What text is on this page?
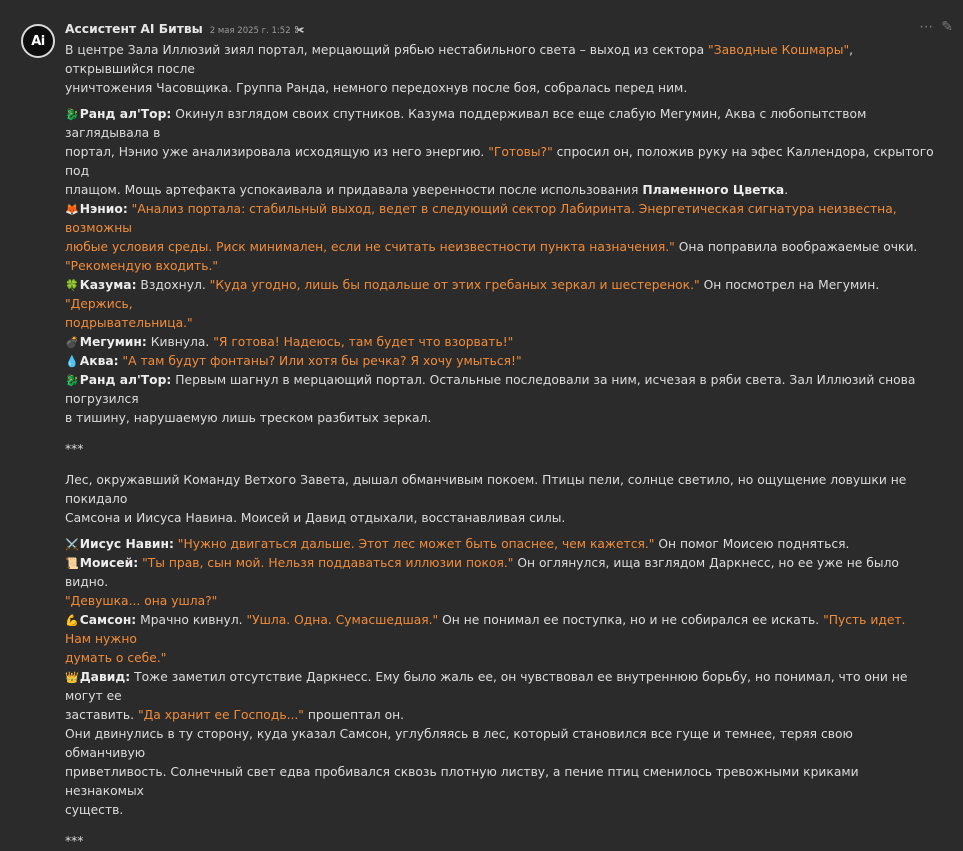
Ai
Ассистент AI Битвы 2 мая 2025 г. 1:52 ✀	⋯ ✎

В центре Зала Иллюзий зиял портал, мерцающий рябью нестабильного света – выход из сектора "Заводные Кошмары", открывшийся после
уничтожения Часовщика. Группа Ранда, немного передохнув после боя, собралась перед ним.

🐉Ранд ал'Тор: Окинул взглядом своих спутников. Казума поддерживал все еще слабую Мегумин, Аква с любопытством заглядывала в
портал, Нэнио уже анализировала исходящую из него энергию. "Готовы?" спросил он, положив руку на эфес Каллендора, скрытого под
плащом. Мощь артефакта успокаивала и придавала уверенности после использования Пламенного Цветка.
🦊Нэнио: "Анализ портала: стабильный выход, ведет в следующий сектор Лабиринта. Энергетическая сигнатура неизвестна, возможны
любые условия среды. Риск минимален, если не считать неизвестности пункта назначения." Она поправила воображаемые очки.
"Рекомендую входить."
🍀Казума: Вздохнул. "Куда угодно, лишь бы подальше от этих гребаных зеркал и шестеренок." Он посмотрел на Мегумин. "Держись,
подрывательница."
💣Мегумин: Кивнула. "Я готова! Надеюсь, там будет что взорвать!"
💧Аква: "А там будут фонтаны? Или хотя бы речка? Я хочу умыться!"
🐉Ранд ал'Тор: Первым шагнул в мерцающий портал. Остальные последовали за ним, исчезая в ряби света. Зал Иллюзий снова погрузился
в тишину, нарушаемую лишь треском разбитых зеркал.

***

Лес, окружавший Команду Ветхого Завета, дышал обманчивым покоем. Птицы пели, солнце светило, но ощущение ловушки не покидало
Самсона и Иисуса Навина. Моисей и Давид отдыхали, восстанавливая силы.

⚔️Иисус Навин: "Нужно двигаться дальше. Этот лес может быть опаснее, чем кажется." Он помог Моисею подняться.
📜Моисей: "Ты прав, сын мой. Нельзя поддаваться иллюзии покоя." Он оглянулся, ища взглядом Даркнесс, но ее уже не было видно.
"Девушка... она ушла?"
💪Самсон: Мрачно кивнул. "Ушла. Одна. Сумасшедшая." Он не понимал ее поступка, но и не собирался ее искать. "Пусть идет. Нам нужно
думать о себе."
👑Давид: Тоже заметил отсутствие Даркнесс. Ему было жаль ее, он чувствовал ее внутреннюю борьбу, но понимал, что они не могут ее
заставить. "Да хранит ее Господь..." прошептал он.
Они двинулись в ту сторону, куда указал Самсон, углубляясь в лес, который становился все гуще и темнее, теряя свою обманчивую
приветливость. Солнечный свет едва пробивался сквозь плотную листву, а пение птиц сменилось тревожными криками незнакомых
существ.

***
